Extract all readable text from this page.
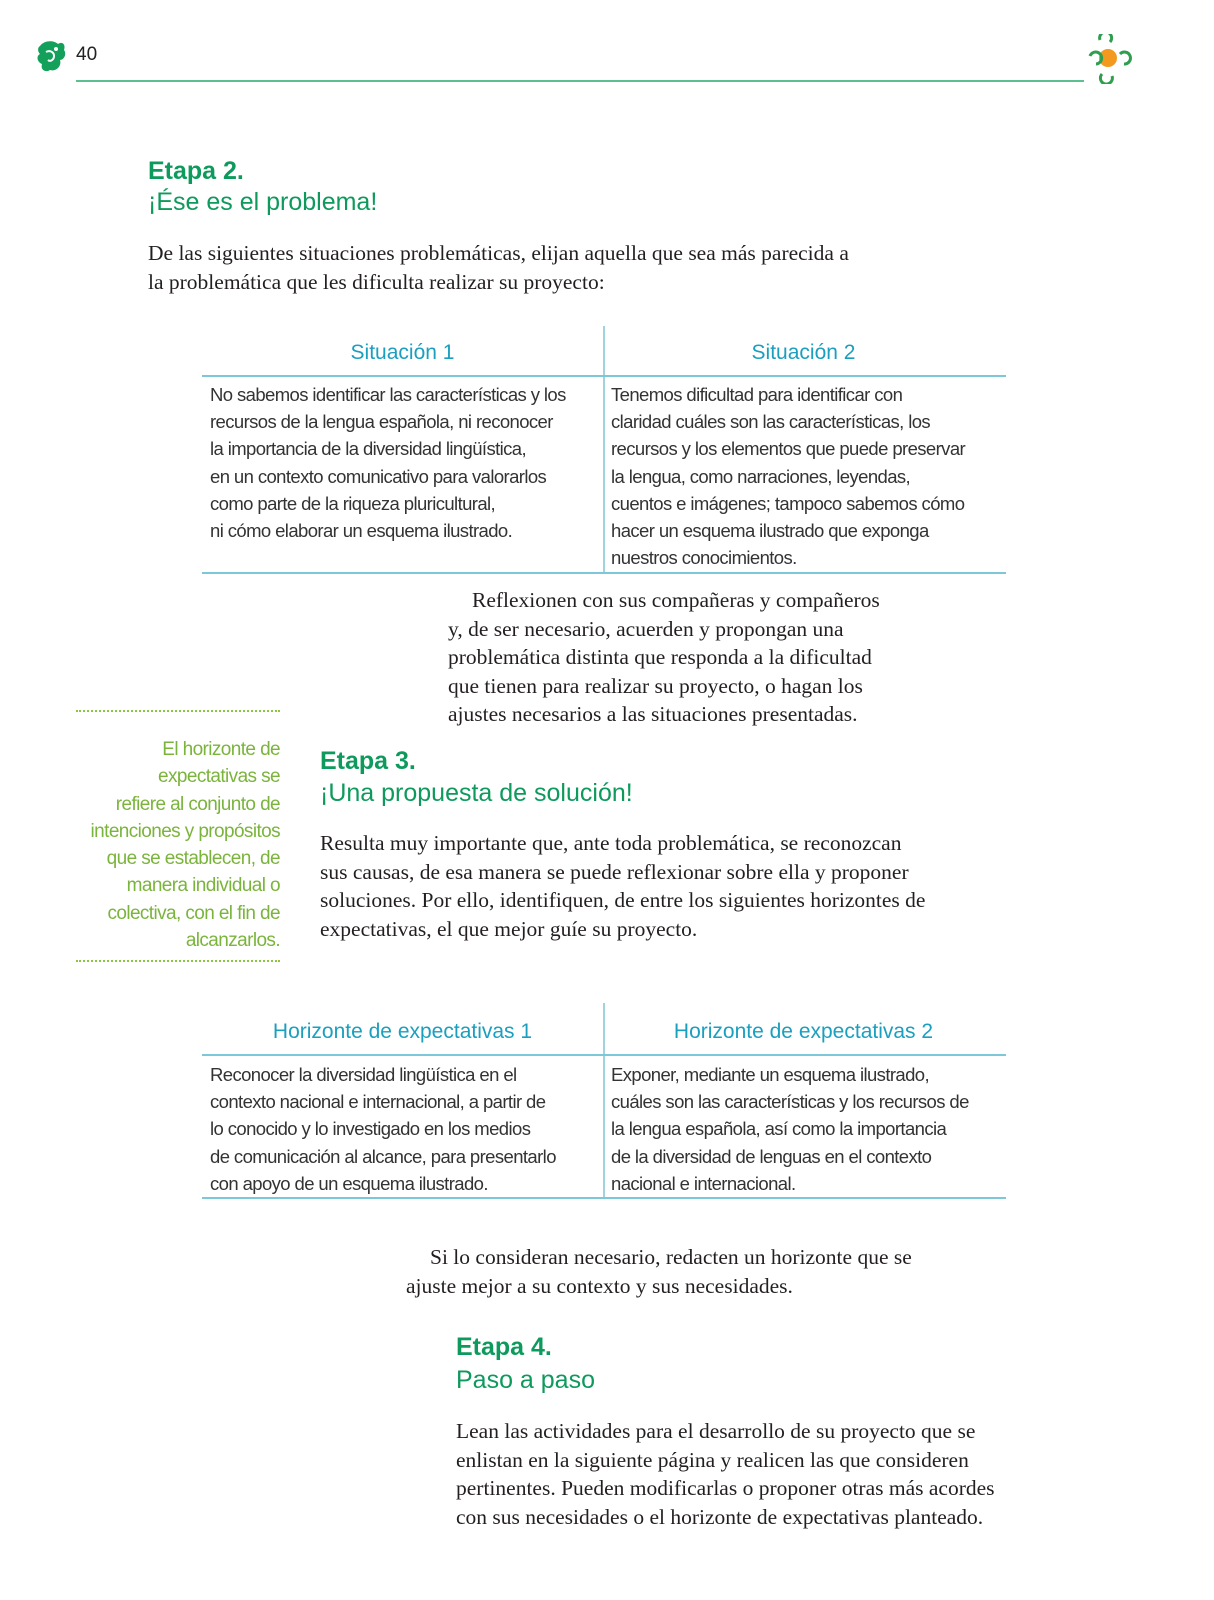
40
Etapa 2.
¡Ése es el problema!

De las siguientes situaciones problemáticas, elijan aquella que sea más parecida a

la problemática que les dificulta realizar su proyecto:

Situación 1	Situación 2

No sabemos identificar las características y los

recursos de la lengua española, ni reconocer

la importancia de la diversidad lingüística,

en un contexto comunicativo para valorarlos

como parte de la riqueza pluricultural,

ni cómo elaborar un esquema ilustrado.

Tenemos dificultad para identificar con

claridad cuáles son las características, los

recursos y los elementos que puede preservar

la lengua, como narraciones, leyendas,

cuentos e imágenes; tampoco sabemos cómo

hacer un esquema ilustrado que exponga

nuestros conocimientos.

Reflexionen con sus compañeras y compañeros

y, de ser necesario, acuerden y propongan una

problemática distinta que responda a la dificultad

que tienen para realizar su proyecto, o hagan los

ajustes necesarios a las situaciones presentadas.

El horizonte de

expectativas se

refiere al conjunto de

intenciones y propósitos

que se establecen, de

manera individual o

colectiva, con el fin de

alcanzarlos.

Etapa 3.
¡Una propuesta de solución!

Resulta muy importante que, ante toda problemática, se reconozcan

sus causas, de esa manera se puede reflexionar sobre ella y proponer

soluciones. Por ello, identifiquen, de entre los siguientes horizontes de

expectativas, el que mejor guíe su proyecto.

Horizonte de expectativas 1	Horizonte de expectativas 2

Reconocer la diversidad lingüística en el

contexto nacional e internacional, a partir de

lo conocido y lo investigado en los medios

de comunicación al alcance, para presentarlo

con apoyo de un esquema ilustrado.

Exponer, mediante un esquema ilustrado,

cuáles son las características y los recursos de

la lengua española, así como la importancia

de la diversidad de lenguas en el contexto

nacional e internacional.

Si lo consideran necesario, redacten un horizonte que se

ajuste mejor a su contexto y sus necesidades.

Etapa 4.
Paso a paso

Lean las actividades para el desarrollo de su proyecto que se

enlistan en la siguiente página y realicen las que consideren

pertinentes. Pueden modificarlas o proponer otras más acordes

con sus necesidades o el horizonte de expectativas planteado.
